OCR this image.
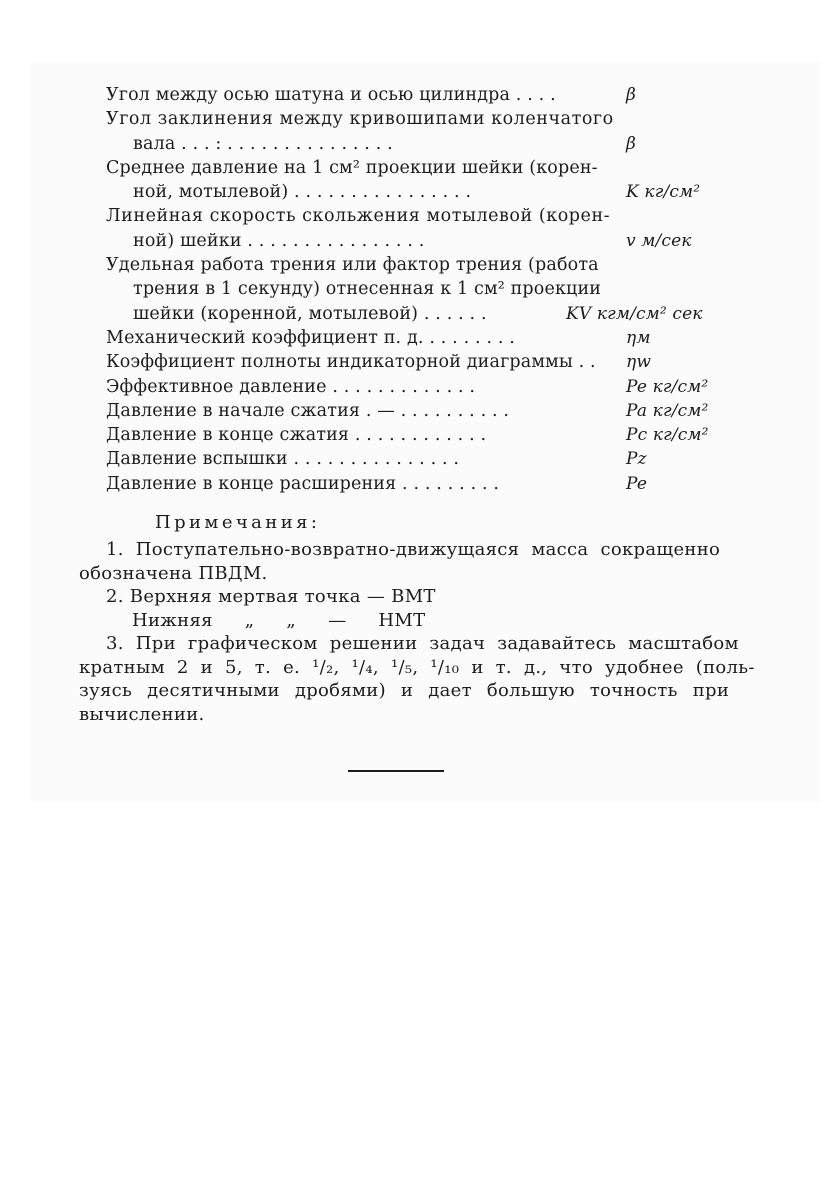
Угол между осью шатуна и осью цилиндра . . . .	β
Угол заклинения между кривошипами коленчатого
вала . . . : . . . . . . . . . . . . . . .	β
Среднее давление на 1 см² проекции шейки (корен-
ной, мотылевой) . . . . . . . . . . . . . . . .	K кг/см²
Линейная скорость скольжения мотылевой (корен-
ной) шейки . . . . . . . . . . . . . . . .	v м/сек
Удельная работа трения или фактор трения (работа
трения в 1 секунду) отнесенная к 1 см² проекции
шейки (коренной, мотылевой) . . . . . .	KV кгм/см² сек
Механический коэффициент п. д. . . . . . . . .	ηм
Коэффициент полноты индикаторной диаграммы . . ηw
Эффективное давление . . . . . . . . . . . . .	Pe кг/см²
Давление в начале сжатия . — . . . . . . . . . .	Pa кг/см²
Давление в конце сжатия . . . . . . . . . . . .	Pc кг/см²
Давление вспышки . . . . . . . . . . . . . . .	Pz
Давление в конце расширения . . . . . . . . .	Pe
Примечания:
1. Поступательно-возвратно-движущаяся масса сокращенно
обозначена ПВДМ.
2. Верхняя мертвая точка — ВМТ
Нижняя „ „ — НМТ
3. При графическом решении задач задавайтесь масштабом
кратным 2 и 5, т. е. ¹/₂, ¹/₄, ¹/₅, ¹/₁₀ и т. д., что удобнее (поль-
зуясь десятичными дробями) и дает большую точность при
вычислении.
